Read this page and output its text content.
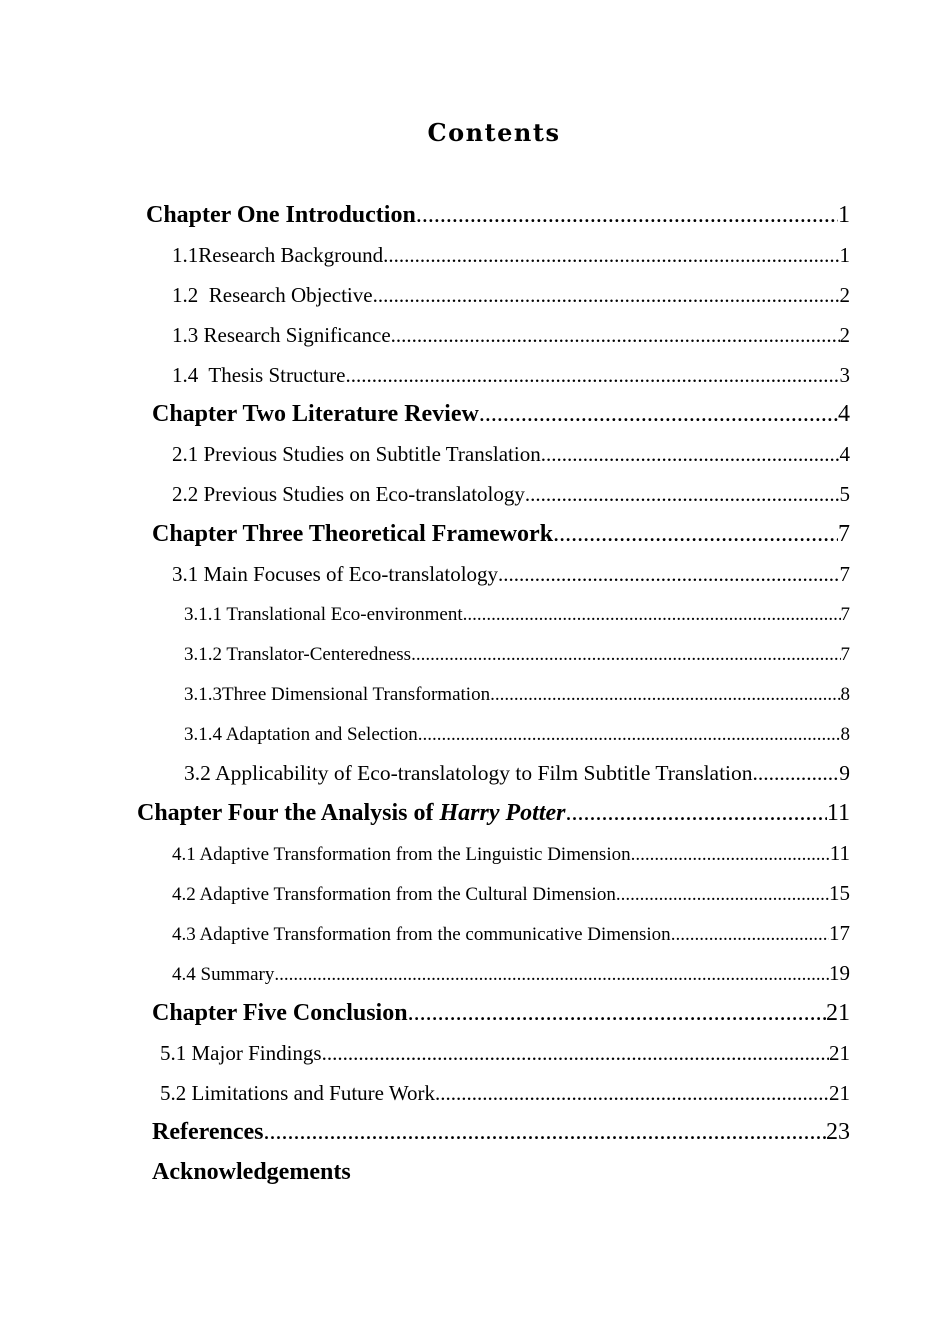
Contents
Chapter One Introduction .....	1
1.1Research Background .....	1
1.2  Research Objective .....	2
1.3 Research Significance .....	2
1.4  Thesis Structure .....	3
Chapter Two Literature Review .....	4
2.1 Previous Studies on Subtitle Translation .....	4
2.2 Previous Studies on Eco-translatology .....	5
Chapter Three Theoretical Framework .....	7
3.1 Main Focuses of Eco-translatology .....	7
3.1.1 Translational Eco-environment .....	7
3.1.2 Translator-Centeredness .....	7
3.1.3Three Dimensional Transformation .....	8
3.1.4 Adaptation and Selection .....	8
3.2 Applicability of Eco-translatology to Film Subtitle Translation .....	9
Chapter Four the Analysis of Harry Potter .....	11
4.1 Adaptive Transformation from the Linguistic Dimension .....	11
4.2 Adaptive Transformation from the Cultural Dimension .....	15
4.3 Adaptive Transformation from the communicative Dimension .....	17
4.4 Summary .....	19
Chapter Five Conclusion .....	21
5.1 Major Findings .....	21
5.2 Limitations and Future Work .....	21
References .....	23
Acknowledgements
